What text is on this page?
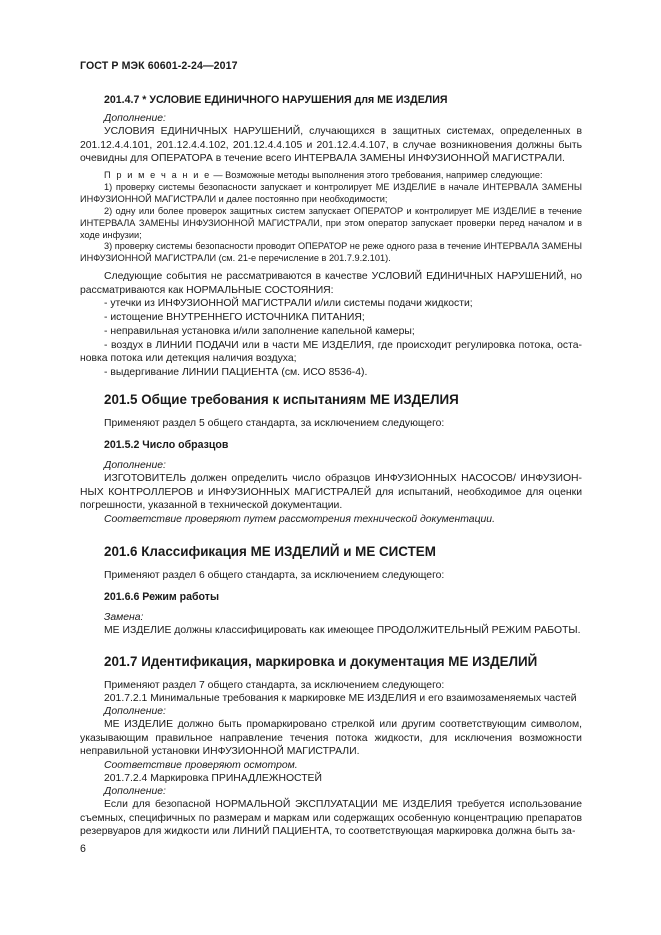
ГОСТ Р МЭК 60601-2-24—2017
201.4.7 * УСЛОВИЕ ЕДИНИЧНОГО НАРУШЕНИЯ для МЕ ИЗДЕЛИЯ

Дополнение:

УСЛОВИЯ ЕДИНИЧНЫХ НАРУШЕНИЙ, случающихся в защитных системах, определенных в 201.12.4.4.101, 201.12.4.4.102, 201.12.4.4.105 и 201.12.4.4.107, в случае возникновения должны быть очевидны для ОПЕРАТОРА в течение всего ИНТЕРВАЛА ЗАМЕНЫ ИНФУЗИОННОЙ МАГИСТРАЛИ.

П р и м е ч а н и е — Возможные методы выполнения этого требования, например следующие:

1) проверку системы безопасности запускает и контролирует МЕ ИЗДЕЛИЕ в начале ИНТЕРВАЛА ЗАМЕНЫ ИНФУЗИОННОЙ МАГИСТРАЛИ и далее постоянно при необходимости;

2) одну или более проверок защитных систем запускает ОПЕРАТОР и контролирует МЕ ИЗДЕЛИЕ в течение ИНТЕРВАЛА ЗАМЕНЫ ИНФУЗИОННОЙ МАГИСТРАЛИ, при этом оператор запускает проверки перед началом и в ходе инфузии;

3) проверку системы безопасности проводит ОПЕРАТОР не реже одного раза в течение ИНТЕРВАЛА ЗАМЕНЫ ИНФУЗИОННОЙ МАГИСТРАЛИ (см. 21-е перечисление в 201.7.9.2.101).

Следующие события не рассматриваются в качестве УСЛОВИЙ ЕДИНИЧНЫХ НАРУШЕНИЙ, но рассматриваются как НОРМАЛЬНЫЕ СОСТОЯНИЯ:

- утечки из ИНФУЗИОННОЙ МАГИСТРАЛИ и/или системы подачи жидкости;

- истощение ВНУТРЕННЕГО ИСТОЧНИКА ПИТАНИЯ;

- неправильная установка и/или заполнение капельной камеры;

- воздух в ЛИНИИ ПОДАЧИ или в части МЕ ИЗДЕЛИЯ, где происходит регулировка потока, остановка потока или детекция наличия воздуха;

- выдергивание ЛИНИИ ПАЦИЕНТА (см. ИСО 8536-4).

201.5 Общие требования к испытаниям МЕ ИЗДЕЛИЯ

Применяют раздел 5 общего стандарта, за исключением следующего:

201.5.2 Число образцов

Дополнение:

ИЗГОТОВИТЕЛЬ должен определить число образцов ИНФУЗИОННЫХ НАСОСОВ/ ИНФУЗИОННЫХ КОНТРОЛЛЕРОВ и ИНФУЗИОННЫХ МАГИСТРАЛЕЙ для испытаний, необходимое для оценки погрешности, указанной в технической документации.

Соответствие проверяют путем рассмотрения технической документации.

201.6 Классификация МЕ ИЗДЕЛИЙ и МЕ СИСТЕМ

Применяют раздел 6 общего стандарта, за исключением следующего:

201.6.6 Режим работы

Замена:

МЕ ИЗДЕЛИЕ должны классифицировать как имеющее ПРОДОЛЖИТЕЛЬНЫЙ РЕЖИМ РАБОТЫ.

201.7 Идентификация, маркировка и документация МЕ ИЗДЕЛИЙ

Применяют раздел 7 общего стандарта, за исключением следующего:

201.7.2.1 Минимальные требования к маркировке МЕ ИЗДЕЛИЯ и его взаимозаменяемых частей

Дополнение:

МЕ ИЗДЕЛИЕ должно быть промаркировано стрелкой или другим соответствующим символом, указывающим правильное направление течения потока жидкости, для исключения возможности неправильной установки ИНФУЗИОННОЙ МАГИСТРАЛИ.

Соответствие проверяют осмотром.

201.7.2.4 Маркировка ПРИНАДЛЕЖНОСТЕЙ

Дополнение:

Если для безопасной НОРМАЛЬНОЙ ЭКСПЛУАТАЦИИ МЕ ИЗДЕЛИЯ требуется использование съемных, специфичных по размерам и маркам или содержащих особенную концентрацию препаратов резервуаров для жидкости или ЛИНИЙ ПАЦИЕНТА, то соответствующая маркировка должна быть за-

6
